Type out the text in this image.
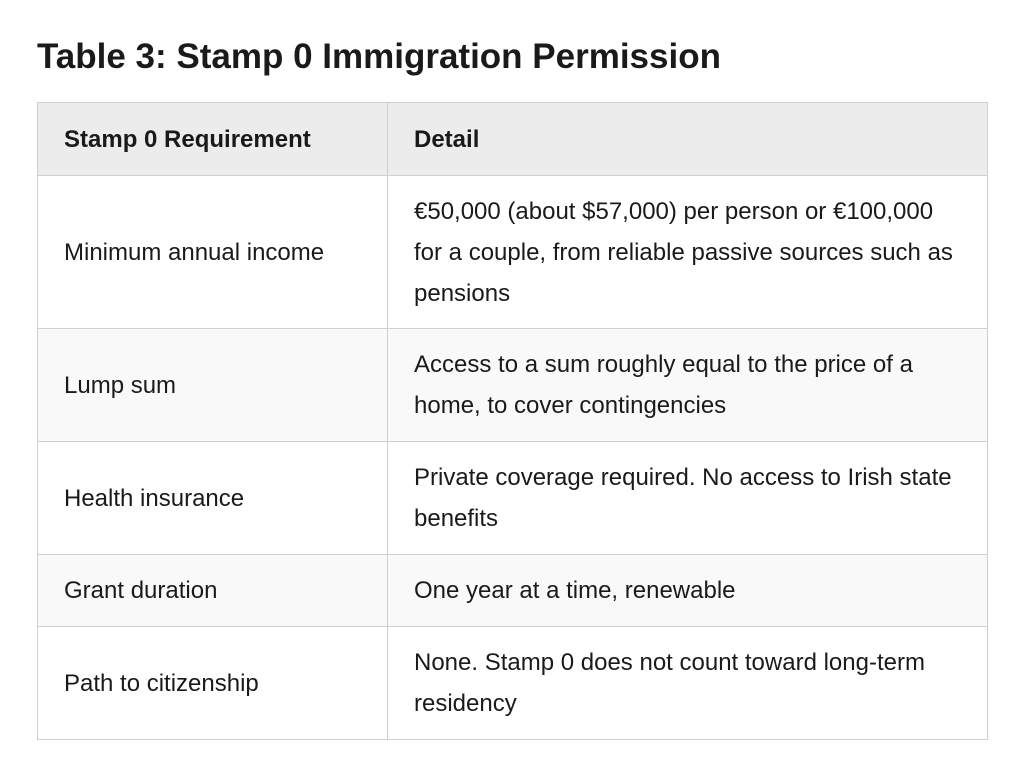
Table 3: Stamp 0 Immigration Permission
Stamp 0 Requirement	Detail
Minimum annual income	€50,000 (about $57,000) per person or €100,000 for a couple, from reliable passive sources such as pensions
Lump sum	Access to a sum roughly equal to the price of a home, to cover contingencies
Health insurance	Private coverage required. No access to Irish state benefits
Grant duration	One year at a time, renewable
Path to citizenship	None. Stamp 0 does not count toward long-term residency
